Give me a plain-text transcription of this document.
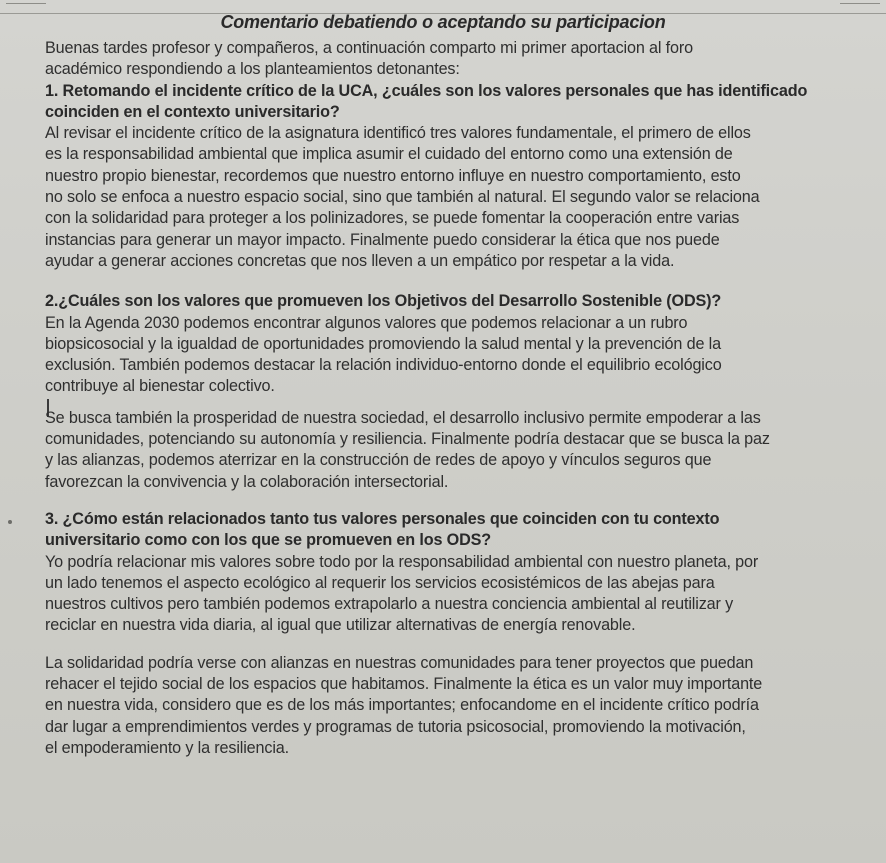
Comentario debatiendo o aceptando su participacion

Buenas tardes profesor y compañeros, a continuación comparto mi primer aportacion al foro

académico respondiendo a los planteamientos detonantes:

1. Retomando el incidente crítico de la UCA, ¿cuáles son los valores personales que has identificado

coinciden en el contexto universitario?

Al revisar el incidente crítico de la asignatura identificó tres valores fundamentale, el primero de ellos

es la responsabilidad ambiental que implica asumir el cuidado del entorno como una extensión de

nuestro propio bienestar, recordemos que nuestro entorno influye en nuestro comportamiento, esto

no solo se enfoca a nuestro espacio social, sino que también al natural. El segundo valor se relaciona

con la solidaridad para proteger a los polinizadores, se puede fomentar la cooperación entre varias

instancias para generar un mayor impacto. Finalmente puedo considerar la ética que nos puede

ayudar a generar acciones concretas que nos lleven a un empático por respetar a la vida.

2.¿Cuáles son los valores que promueven los Objetivos del Desarrollo Sostenible (ODS)?

En la Agenda 2030 podemos encontrar algunos valores que podemos relacionar a un rubro

biopsicosocial y la igualdad de oportunidades promoviendo la salud mental y la prevención de la

exclusión. También podemos destacar la relación individuo-entorno donde el equilibrio ecológico

contribuye al bienestar colectivo.

Se busca también la prosperidad de nuestra sociedad, el desarrollo inclusivo permite empoderar a las

comunidades, potenciando su autonomía y resiliencia. Finalmente podría destacar que se busca la paz

y las alianzas, podemos aterrizar en la construcción de redes de apoyo y vínculos seguros que

favorezcan la convivencia y la colaboración intersectorial.

3. ¿Cómo están relacionados tanto tus valores personales que coinciden con tu contexto

universitario como con los que se promueven en los ODS?

Yo podría relacionar mis valores sobre todo por la responsabilidad ambiental con nuestro planeta, por

un lado tenemos el aspecto ecológico al requerir los servicios ecosistémicos de las abejas para

nuestros cultivos pero también podemos extrapolarlo a nuestra conciencia ambiental al reutilizar y

reciclar en nuestra vida diaria, al igual que utilizar alternativas de energía renovable.

La solidaridad podría verse con alianzas en nuestras comunidades para tener proyectos que puedan

rehacer el tejido social de los espacios que habitamos. Finalmente la ética es un valor muy importante

en nuestra vida, considero que es de los más importantes; enfocandome en el incidente crítico podría

dar lugar a emprendimientos verdes y programas de tutoria psicosocial, promoviendo la motivación,

el empoderamiento y la resiliencia.
